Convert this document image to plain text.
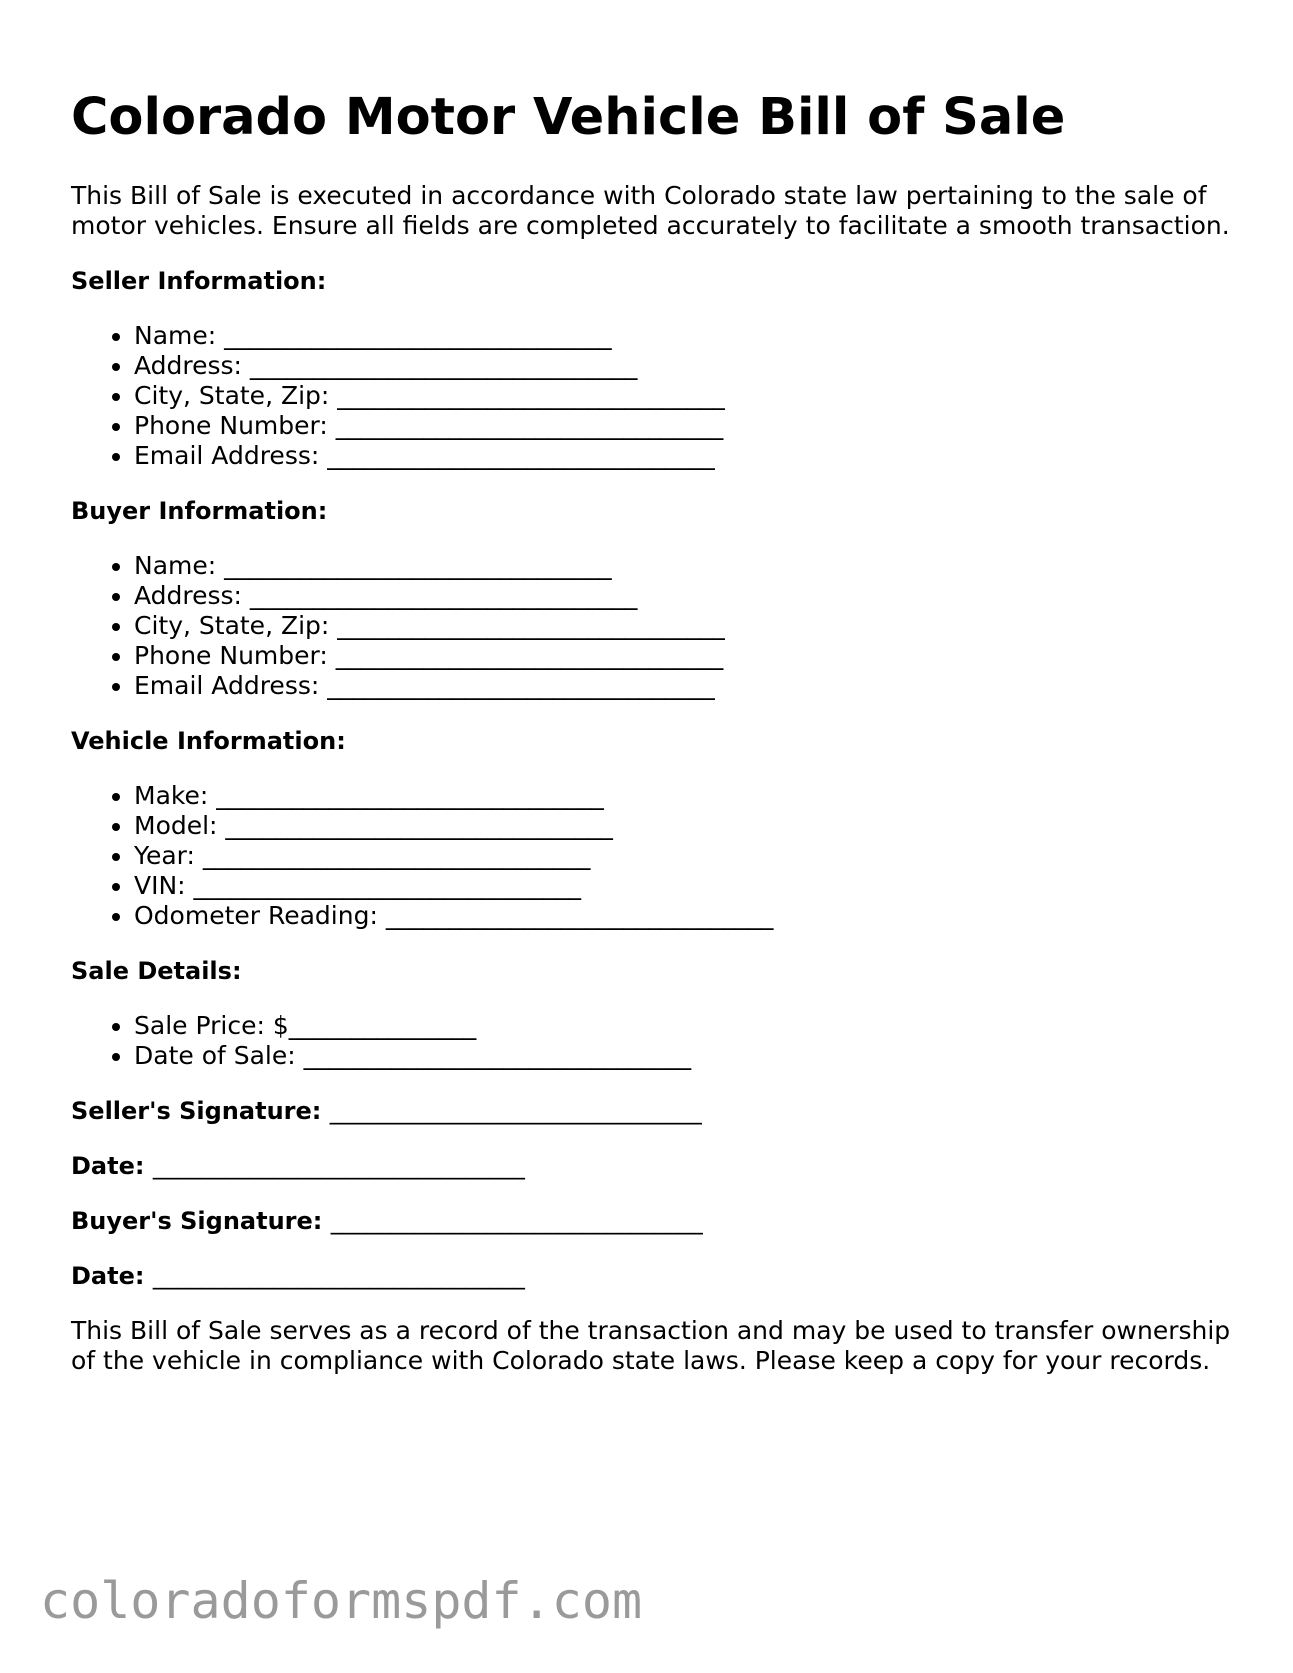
Colorado Motor Vehicle Bill of Sale

This Bill of Sale is executed in accordance with Colorado state law pertaining to the sale of motor vehicles. Ensure all fields are completed accurately to facilitate a smooth transaction.

Seller Information:
• Name: _______________________________
• Address: _______________________________
• City, State, Zip: _______________________________
• Phone Number: _______________________________
• Email Address: _______________________________
Buyer Information:
• Name: _______________________________
• Address: _______________________________
• City, State, Zip: _______________________________
• Phone Number: _______________________________
• Email Address: _______________________________
Vehicle Information:
• Make: _______________________________
• Model: _______________________________
• Year: _______________________________
• VIN: _______________________________
• Odometer Reading: _______________________________
Sale Details:
• Sale Price: $_______________
• Date of Sale: _______________________________
Seller's Signature: _______________________________
Date: _______________________________
Buyer's Signature: _______________________________
Date: _______________________________

This Bill of Sale serves as a record of the transaction and may be used to transfer ownership of the vehicle in compliance with Colorado state laws. Please keep a copy for your records.

coloradoformspdf.com
